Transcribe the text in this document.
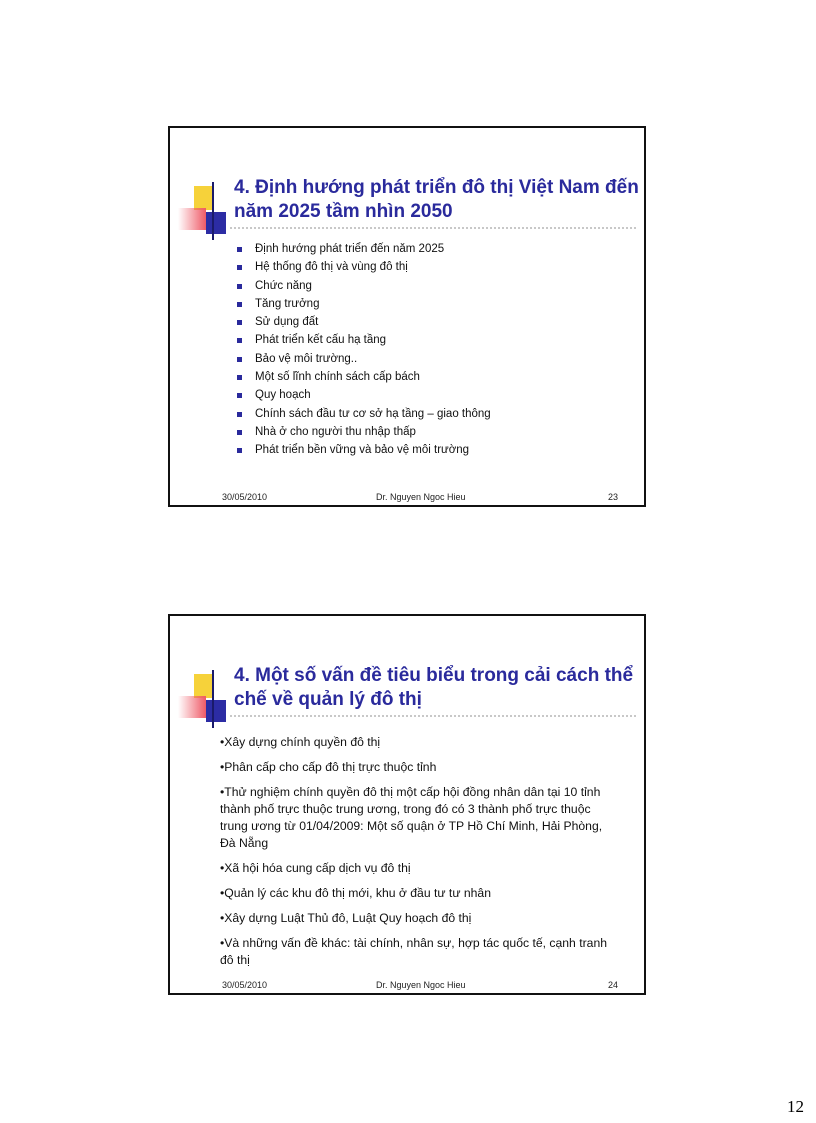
4. Định hướng phát triển đô thị Việt Nam đến năm 2025 tầm nhìn 2050
Định hướng phát triển đến năm 2025
Hệ thống đô thị và vùng đô thị
Chức năng
Tăng trưởng
Sử dụng đất
Phát triển kết cấu hạ tầng
Bảo vệ môi trường..
Một số lĩnh chính sách cấp bách
Quy hoạch
Chính sách đầu tư cơ sở hạ tầng – giao thông
Nhà ở cho người thu nhập thấp
Phát triển bền vững và bảo vệ môi trường
30/05/2010	Dr. Nguyen Ngoc Hieu	23
4. Một số vấn đề tiêu biểu trong cải cách thể chế về quản lý đô thị

•Xây dựng chính quyền đô thị

•Phân cấp cho cấp đô thị trực thuộc tỉnh

•Thử nghiệm chính quyền đô thị một cấp hội đồng nhân dân tại 10 tỉnh thành phố trực thuộc trung ương, trong đó có 3 thành phố trực thuộc trung ương từ 01/04/2009: Một số quận ở TP Hồ Chí Minh, Hải Phòng, Đà Nẵng

•Xã hội hóa cung cấp dịch vụ đô thị

•Quản lý các khu đô thị mới, khu ở đầu tư tư nhân

•Xây dựng Luật Thủ đô, Luật Quy hoạch đô thị

•Và những vấn đề khác: tài chính, nhân sự, hợp tác quốc tế, cạnh tranh đô thị

30/05/2010	Dr. Nguyen Ngoc Hieu	24
12
